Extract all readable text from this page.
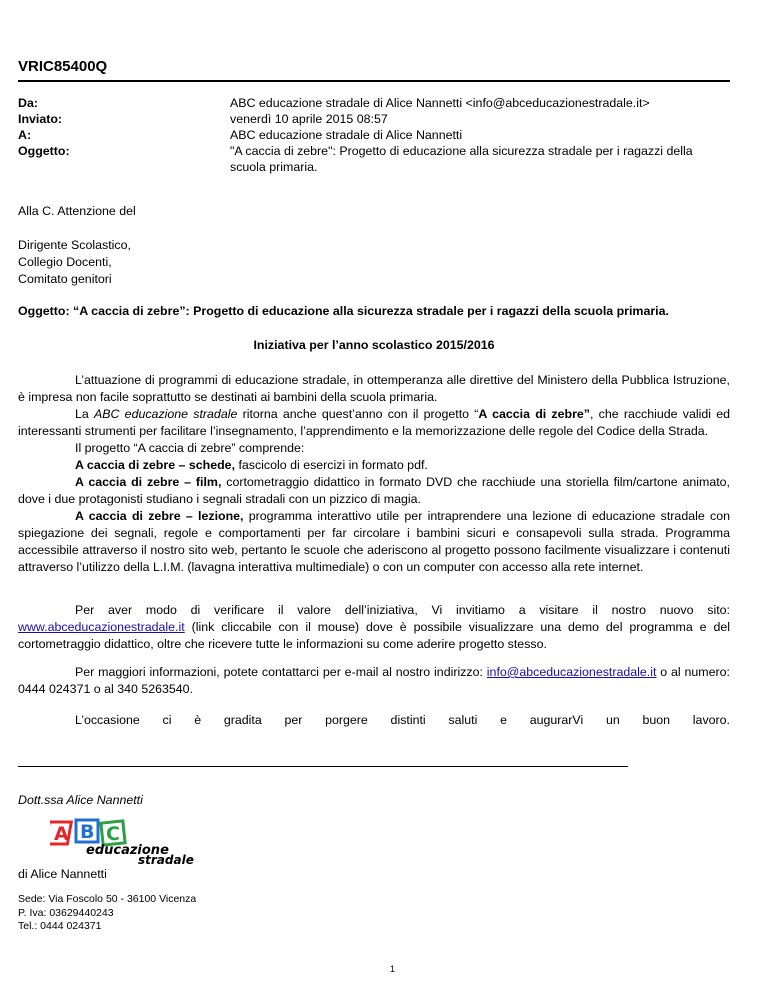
VRIC85400Q
Da:	ABC educazione stradale di Alice Nannetti <info@abceducazionestradale.it>
Inviato:	venerdì 10 aprile 2015 08:57
A:	ABC educazione stradale di Alice Nannetti
Oggetto:	"A caccia di zebre": Progetto di educazione alla sicurezza stradale per i ragazzi della scuola primaria.
Alla C. Attenzione del
Dirigente Scolastico,
Collegio Docenti,
Comitato genitori
Oggetto: “A caccia di zebre”: Progetto di educazione alla sicurezza stradale per i ragazzi della scuola primaria.
Iniziativa per l’anno scolastico 2015/2016
L’attuazione di programmi di educazione stradale, in ottemperanza alle direttive del Ministero della Pubblica Istruzione, è impresa non facile soprattutto se destinati ai bambini della scuola primaria.
La ABC educazione stradale ritorna anche quest’anno con il progetto “A caccia di zebre”, che racchiude validi ed interessanti strumenti per facilitare l’insegnamento, l’apprendimento e la memorizzazione delle regole del Codice della Strada.
Il progetto “A caccia di zebre” comprende:
A caccia di zebre – schede, fascicolo di esercizi in formato pdf.
A caccia di zebre – film, cortometraggio didattico in formato DVD che racchiude una storiella film/cartone animato, dove i due protagonisti studiano i segnali stradali con un pizzico di magia.
A caccia di zebre – lezione, programma interattivo utile per intraprendere una lezione di educazione stradale con spiegazione dei segnali, regole e comportamenti per far circolare i bambini sicuri e consapevoli sulla strada. Programma accessibile attraverso il nostro sito web, pertanto le scuole che aderiscono al progetto possono facilmente visualizzare i contenuti attraverso l’utilizzo della L.I.M. (lavagna interattiva multimediale) o con un computer con accesso alla rete internet.
Per aver modo di verificare il valore dell’iniziativa, Vi invitiamo a visitare il nostro nuovo sito: www.abceducazionestradale.it (link cliccabile con il mouse) dove è possibile visualizzare una demo del programma e del cortometraggio didattico, oltre che ricevere tutte le informazioni su come aderire progetto stesso.
Per maggiori informazioni, potete contattarci per e-mail al nostro indirizzo: info@abceducazionestradale.it o al numero: 0444 024371 o al 340 5263540.
L’occasione ci è gradita per porgere distinti saluti e augurarVi un buon lavoro.
Dott.ssa Alice Nannetti
A B C
educazione
stradale
di Alice Nannetti
Sede: Via Foscolo 50 - 36100 Vicenza
P. Iva: 03629440243
Tel.: 0444 024371
1
